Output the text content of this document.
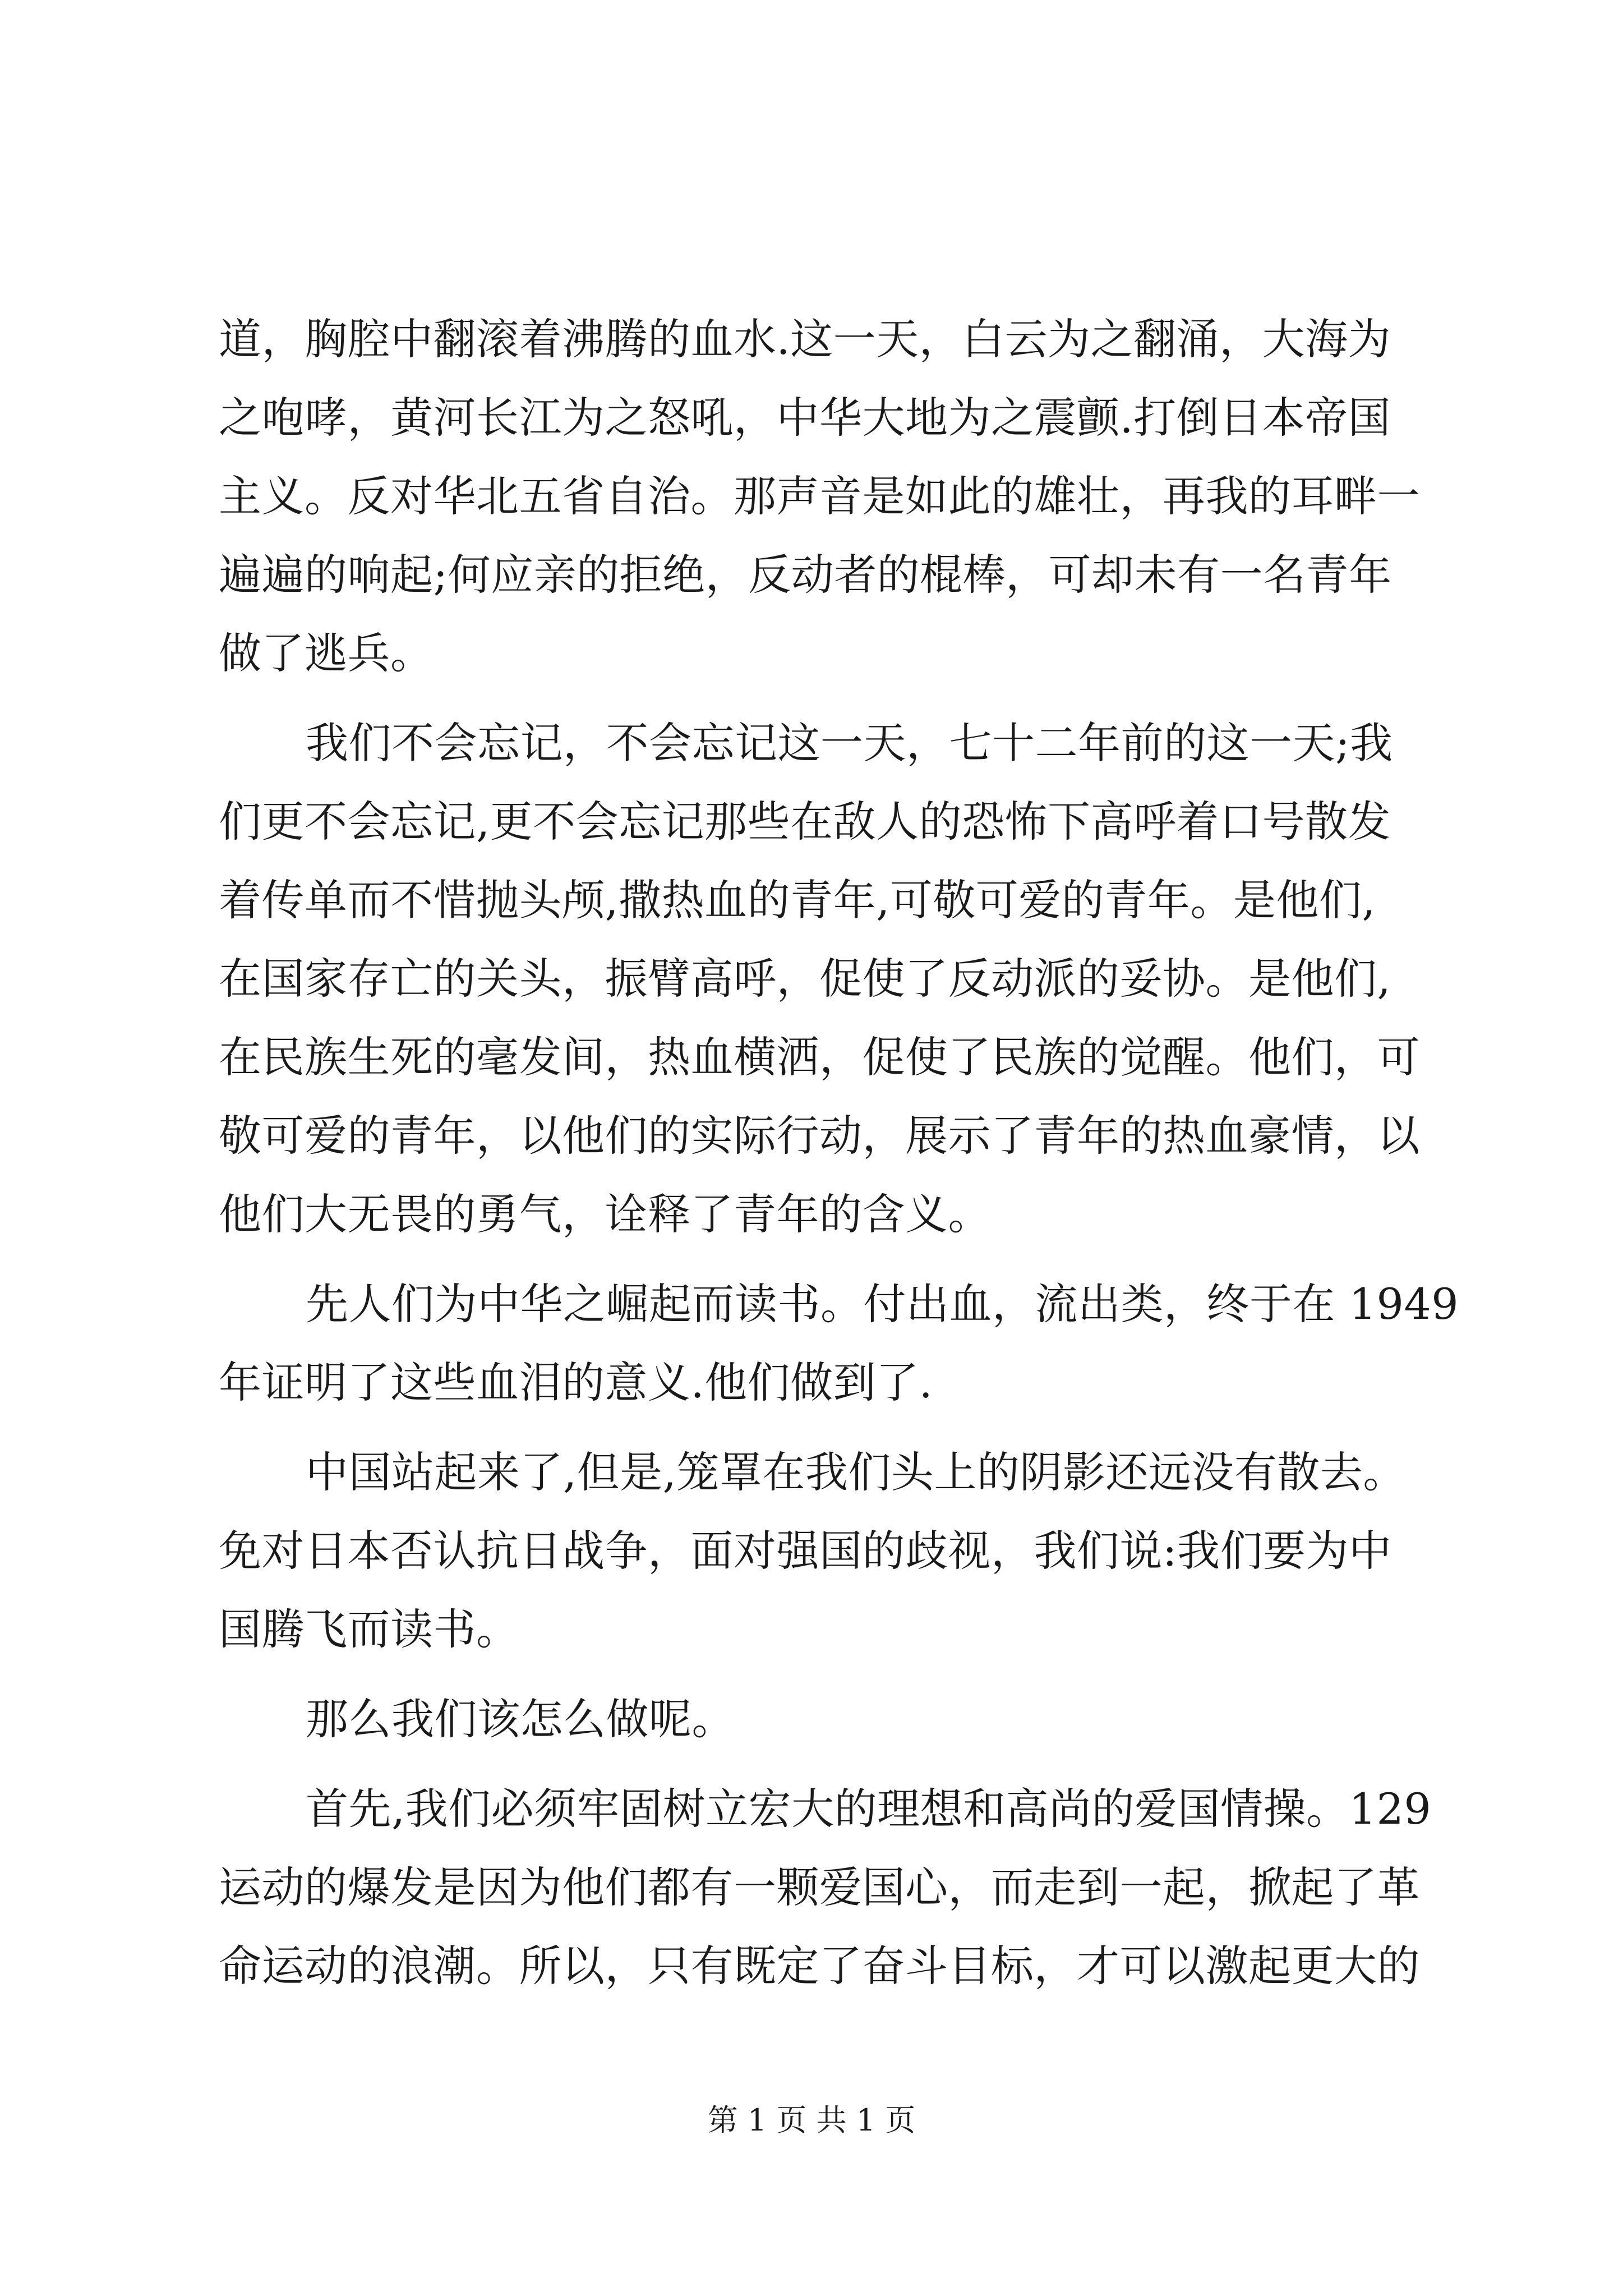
道，胸腔中翻滚着沸腾的血水.这一天，白云为之翻涌，大海为
之咆哮，黄河长江为之怒吼，中华大地为之震颤.打倒日本帝国
主义。反对华北五省自治。那声音是如此的雄壮，再我的耳畔一
遍遍的响起;何应亲的拒绝，反动者的棍棒，可却未有一名青年
做了逃兵。
我们不会忘记，不会忘记这一天，七十二年前的这一天;我
们更不会忘记,更不会忘记那些在敌人的恐怖下高呼着口号散发
着传单而不惜抛头颅,撒热血的青年,可敬可爱的青年。是他们,
在国家存亡的关头，振臂高呼，促使了反动派的妥协。是他们,
在民族生死的毫发间，热血横洒，促使了民族的觉醒。他们，可
敬可爱的青年，以他们的实际行动，展示了青年的热血豪情，以
他们大无畏的勇气，诠释了青年的含义。
先人们为中华之崛起而读书。付出血，流出类，终于在 1949
年证明了这些血泪的意义.他们做到了.
中国站起来了,但是,笼罩在我们头上的阴影还远没有散去。
免对日本否认抗日战争，面对强国的歧视，我们说:我们要为中
国腾飞而读书。
那么我们该怎么做呢。
首先,我们必须牢固树立宏大的理想和高尚的爱国情操。129
运动的爆发是因为他们都有一颗爱国心，而走到一起，掀起了革
命运动的浪潮。所以，只有既定了奋斗目标，才可以激起更大的
第 1 页 共 1 页
